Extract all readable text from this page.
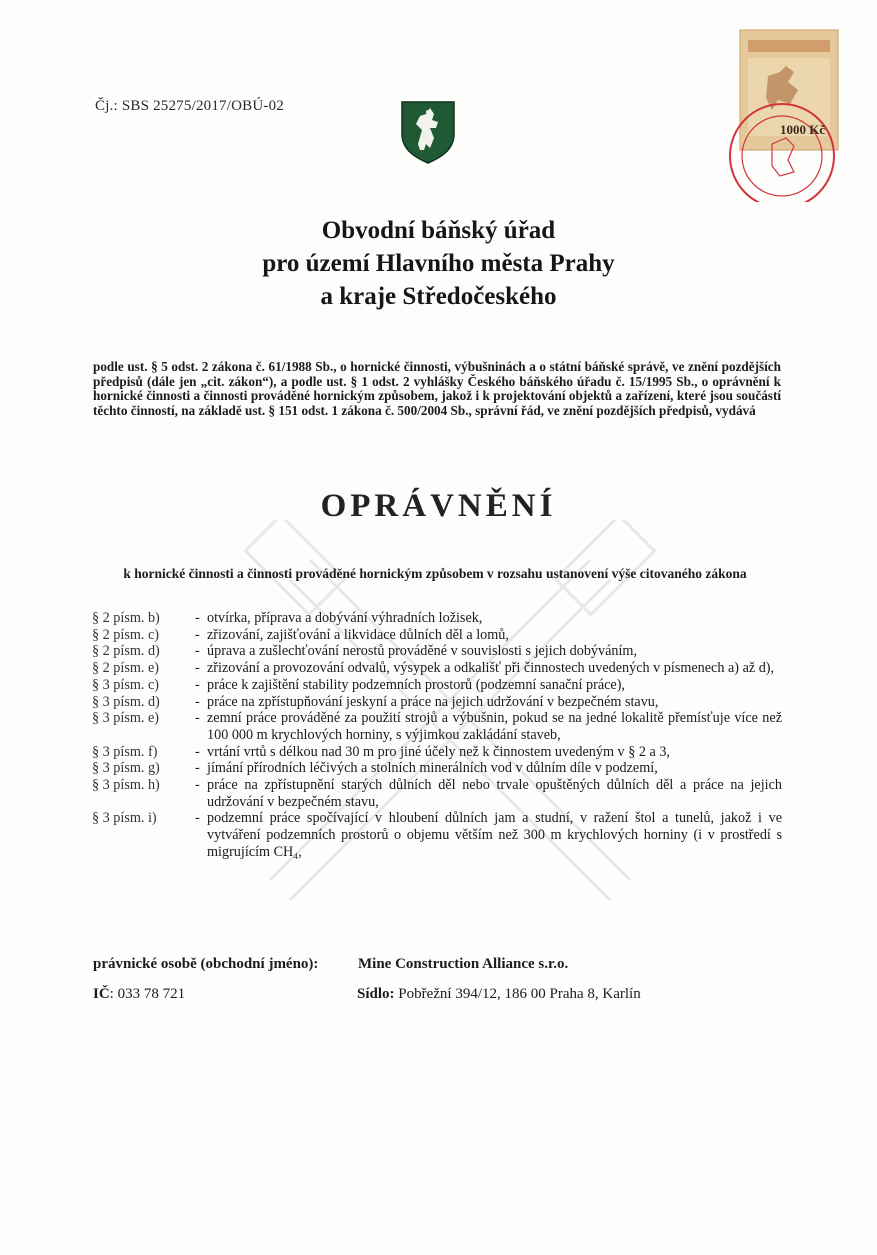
Čj.: SBS 25275/2017/OBÚ-02
1000 Kč
Obvodní báňský úřad
pro území Hlavního města Prahy
a kraje Středočeského
podle ust. § 5 odst. 2 zákona č. 61/1988 Sb., o hornické činnosti, výbušninách a o státní báňské správě, ve znění pozdějších předpisů (dále jen „cit. zákon“), a podle ust. § 1 odst. 2 vyhlášky Českého báňského úřadu č. 15/1995 Sb., o oprávnění k hornické činnosti a činnosti prováděné hornickým způsobem, jakož i k projektování objektů a zařízení, které jsou součástí těchto činností, na základě ust. § 151 odst. 1 zákona č. 500/2004 Sb., správní řád, ve znění pozdějších předpisů, vydává
OPRÁVNĚNÍ
k hornické činnosti a činnosti prováděné hornickým způsobem v rozsahu ustanovení výše citovaného zákona
§ 2 písm. b)	- otvírka, příprava a dobývání výhradních ložisek,
§ 2 písm. c)	- zřizování, zajišťování a likvidace důlních děl a lomů,
§ 2 písm. d)	- úprava a zušlechťování nerostů prováděné v souvislosti s jejich dobýváním,
§ 2 písm. e)	- zřizování a provozování odvalů, výsypek a odkališť při činnostech uvedených v písmenech a) až d),
§ 3 písm. c)	- práce k zajištění stability podzemních prostorů (podzemní sanační práce),
§ 3 písm. d)	- práce na zpřístupňování jeskyní a práce na jejich udržování v bezpečném stavu,
§ 3 písm. e)	- zemní práce prováděné za použití strojů a výbušnin, pokud se na jedné lokalitě přemísťuje více než 100 000 m krychlových horniny, s výjimkou zakládání staveb,
§ 3 písm. f)	- vrtání vrtů s délkou nad 30 m pro jiné účely než k činnostem uvedeným v § 2 a 3,
§ 3 písm. g)	- jímání přírodních léčivých a stolních minerálních vod v důlním díle v podzemí,
§ 3 písm. h)	- práce na zpřístupnění starých důlních děl nebo trvale opuštěných důlních děl a práce na jejich udržování v bezpečném stavu,
§ 3 písm. i)	- podzemní práce spočívající v hloubení důlních jam a studní, v ražení štol a tunelů, jakož i ve vytváření podzemních prostorů o objemu větším než 300 m krychlových horniny (i v prostředí s migrujícím CH₄,
právnické osobě (obchodní jméno):	Mine Construction Alliance s.r.o.
IČ: 033 78 721	Sídlo: Pobřežní 394/12, 186 00 Praha 8, Karlín
